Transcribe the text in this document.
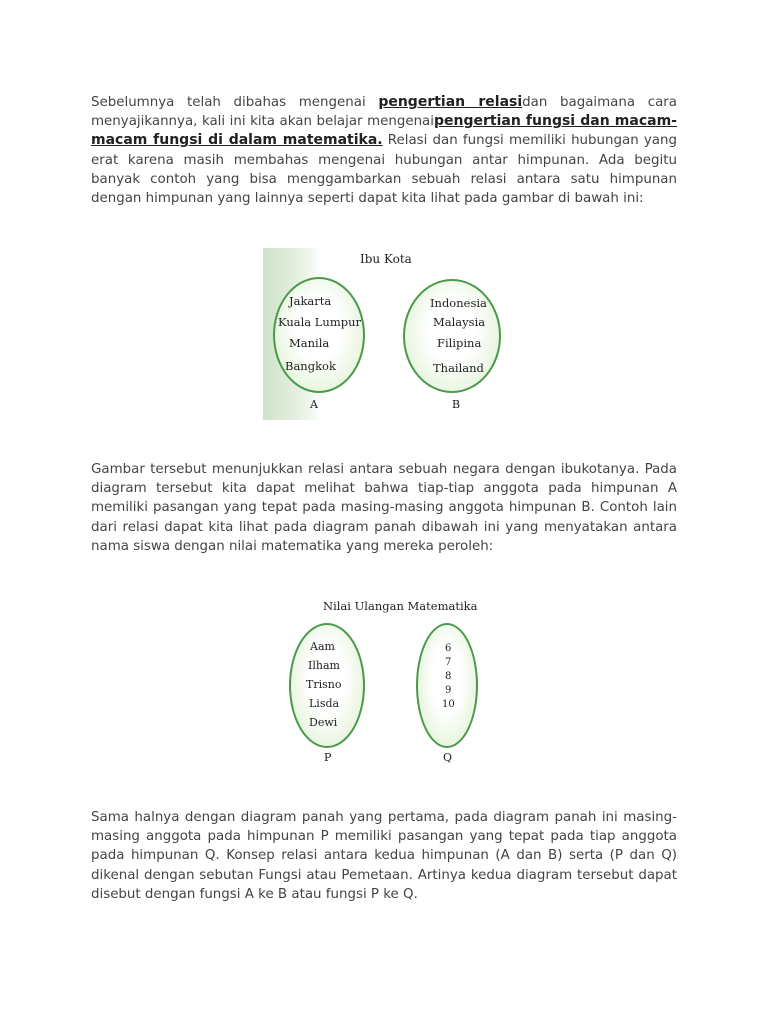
Sebelumnya telah dibahas mengenai pengertian relasidan bagaimana cara menyajikannya, kali ini kita akan belajar mengenaipengertian fungsi dan macam-macam fungsi di dalam matematika. Relasi dan fungsi memiliki hubungan yang erat karena masih membahas mengenai hubungan antar himpunan. Ada begitu banyak contoh yang bisa menggambarkan sebuah relasi antara satu himpunan dengan himpunan yang lainnya seperti dapat kita lihat pada gambar di bawah ini:

Ibu Kota
Jakarta
Kuala Lumpur
Manila
Bangkok
A
Indonesia
Malaysia
Filipina
Thailand
B

Gambar tersebut menunjukkan relasi antara sebuah negara dengan ibukotanya. Pada diagram tersebut kita dapat melihat bahwa tiap-tiap anggota pada himpunan A memiliki pasangan yang tepat pada masing-masing anggota himpunan B. Contoh lain dari relasi dapat kita lihat pada diagram panah dibawah ini yang menyatakan antara nama siswa dengan nilai matematika yang mereka peroleh:

Nilai Ulangan Matematika
Aam
Ilham
Trisno
Lisda
Dewi
P
6
7
8
9
10
Q

Sama halnya dengan diagram panah yang pertama, pada diagram panah ini masing-masing anggota pada himpunan P memiliki pasangan yang tepat pada tiap anggota pada himpunan Q. Konsep relasi antara kedua himpunan (A dan B) serta (P dan Q) dikenal dengan sebutan Fungsi atau Pemetaan. Artinya kedua diagram tersebut dapat disebut dengan fungsi A ke B atau fungsi P ke Q.
